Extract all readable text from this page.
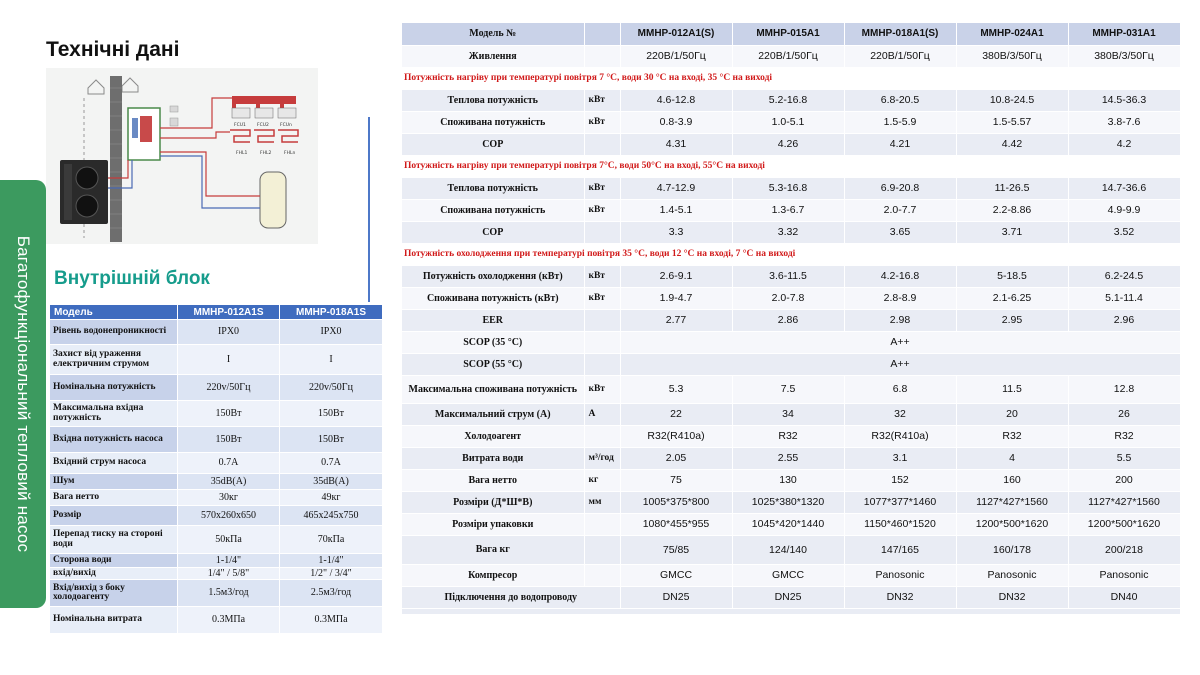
Технічні дані
FCU1 FCU2 FCUn
FHL1	FHL2	FHLn
Багатофункціональний тепловий насос Внутрішній блок
Модель	MMHP-012A1S	MMHP-018A1S
Рівень водонепроникності	IPX0	IPX0
Захист від ураження електричним струмом	I	I
Номінальна потужність	220v/50Гц	220v/50Гц
Максимальна вхідна потужність	150Вт	150Вт
Вхідна потужність насоса	150Вт	150Вт
Вхідний струм насоса	0.7A	0.7A
Шум	35dB(A)	35dB(A)
Вага нетто	30кг	49кг
Розмір	570x260x650	465x245x750
Перепад тиску на стороні води	50кПа	70кПа
Сторона води	1-1/4"	1-1/4"
вхід/вихід	1/4" / 5/8"	1/2" / 3/4"
Вхід/вихід з боку холодоагенту	1.5м3/год	2.5м3/год
Номінальна витрата	0.3МПа	0.3МПа
Модель №		MMHP-012A1(S)	MMHP-015A1	MMHP-018A1(S)	MMHP-024A1	MMHP-031A1
Живлення		220В/1/50Гц	220В/1/50Гц	220В/1/50Гц	380В/3/50Гц	380В/3/50Гц
Потужність нагріву при температурі повітря 7 °C, води 30 °C на вході, 35 °C на виході						
Теплова потужність	кВт	4.6-12.8	5.2-16.8	6.8-20.5	10.8-24.5	14.5-36.3
Споживана потужність	кВт	0.8-3.9	1.0-5.1	1.5-5.9	1.5-5.57	3.8-7.6
COP		4.31	4.26	4.21	4.42	4.2
Потужність нагріву при температурі повітря 7°C, води 50°C на вході, 55°C на виході						
Теплова потужність	кВт	4.7-12.9	5.3-16.8	6.9-20.8	11-26.5	14.7-36.6
Споживана потужність	кВт	1.4-5.1	1.3-6.7	2.0-7.7	2.2-8.86	4.9-9.9
COP		3.3	3.32	3.65	3.71	3.52
Потужність охолодження при температурі повітря 35 °C, води 12 °C на вході, 7 °C на виході						
Потужність охолодження (кВт)	кВт	2.6-9.1	3.6-11.5	4.2-16.8	5-18.5	6.2-24.5
Споживана потужність (кВт)	кВт	1.9-4.7	2.0-7.8	2.8-8.9	2.1-6.25	5.1-11.4
EER		2.77	2.86	2.98	2.95	2.96
SCOP (35 °C)		A++				
SCOP (55 °C)		A++				
Максимальна споживана потужність	кВт	5.3	7.5	6.8	11.5	12.8
Максимальний струм (A)	A	22	34	32	20	26
Холодоагент		R32(R410a)	R32	R32(R410a)	R32	R32
Витрата води	м³/год	2.05	2.55	3.1	4	5.5
Вага нетто	кг	75	130	152	160	200
Розміри (Д*Ш*В)	мм	1005*375*800	1025*380*1320	1077*377*1460	1127*427*1560	1127*427*1560
Розміри упаковки		1080*455*955	1045*420*1440	1150*460*1520	1200*500*1620	1200*500*1620
Вага кг		75/85	124/140	147/165	160/178	200/218
Компресор		GMCC	GMCC	Panosonic	Panosonic	Panosonic
Підключення до водопроводу		DN25	DN25	DN32	DN32	DN40
